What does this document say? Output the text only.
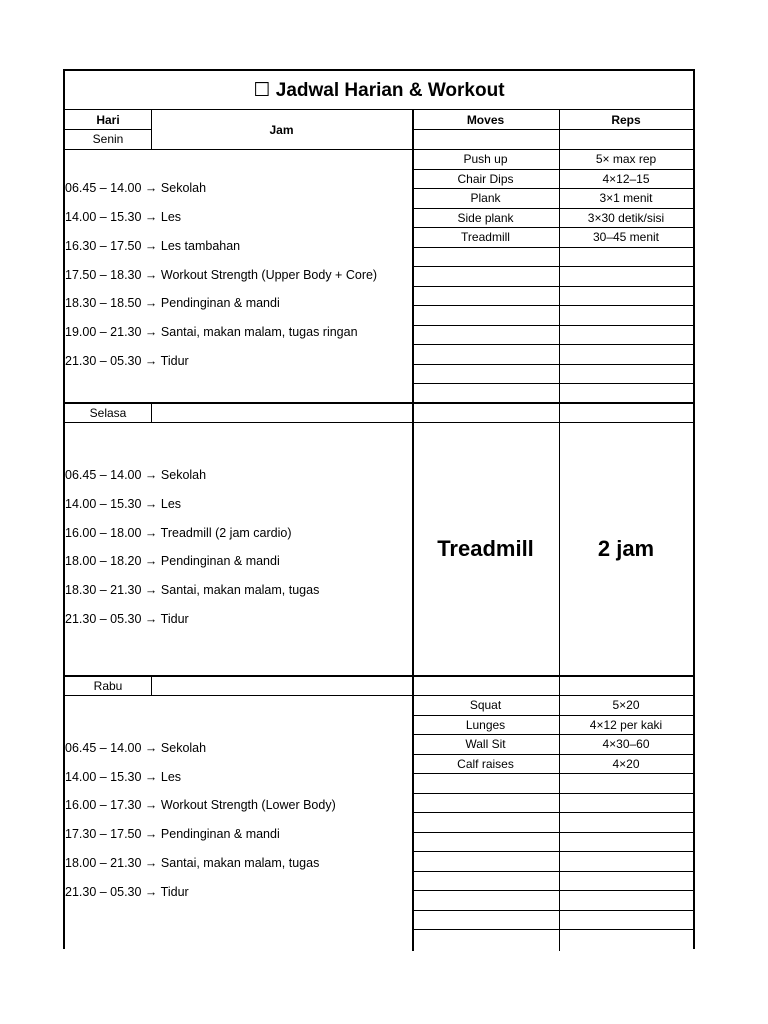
☐ Jadwal Harian & Workout
Hari
Senin
Jam
Moves	Reps
06.45 – 14.00 → Sekolah
14.00 – 15.30 → Les
16.30 – 17.50 → Les tambahan
17.50 – 18.30 → Workout Strength (Upper Body + Core)
18.30 – 18.50 → Pendinginan & mandi
19.00 – 21.30 → Santai, makan malam, tugas ringan
21.30 – 05.30 → Tidur
Push up	5× max rep
Chair Dips	4×12–15
Plank	3×1 menit
Side plank	3×30 detik/sisi
Treadmill	30–45 menit
Selasa
06.45 – 14.00 → Sekolah
14.00 – 15.30 → Les
16.00 – 18.00 → Treadmill (2 jam cardio)
18.00 – 18.20 → Pendinginan & mandi
18.30 – 21.30 → Santai, makan malam, tugas
21.30 – 05.30 → Tidur
Treadmill	2 jam
Rabu
06.45 – 14.00 → Sekolah
14.00 – 15.30 → Les
16.00 – 17.30 → Workout Strength (Lower Body)
17.30 – 17.50 → Pendinginan & mandi
18.00 – 21.30 → Santai, makan malam, tugas
21.30 – 05.30 → Tidur
Squat	5×20
Lunges	4×12 per kaki
Wall Sit	4×30–60
Calf raises	4×20
